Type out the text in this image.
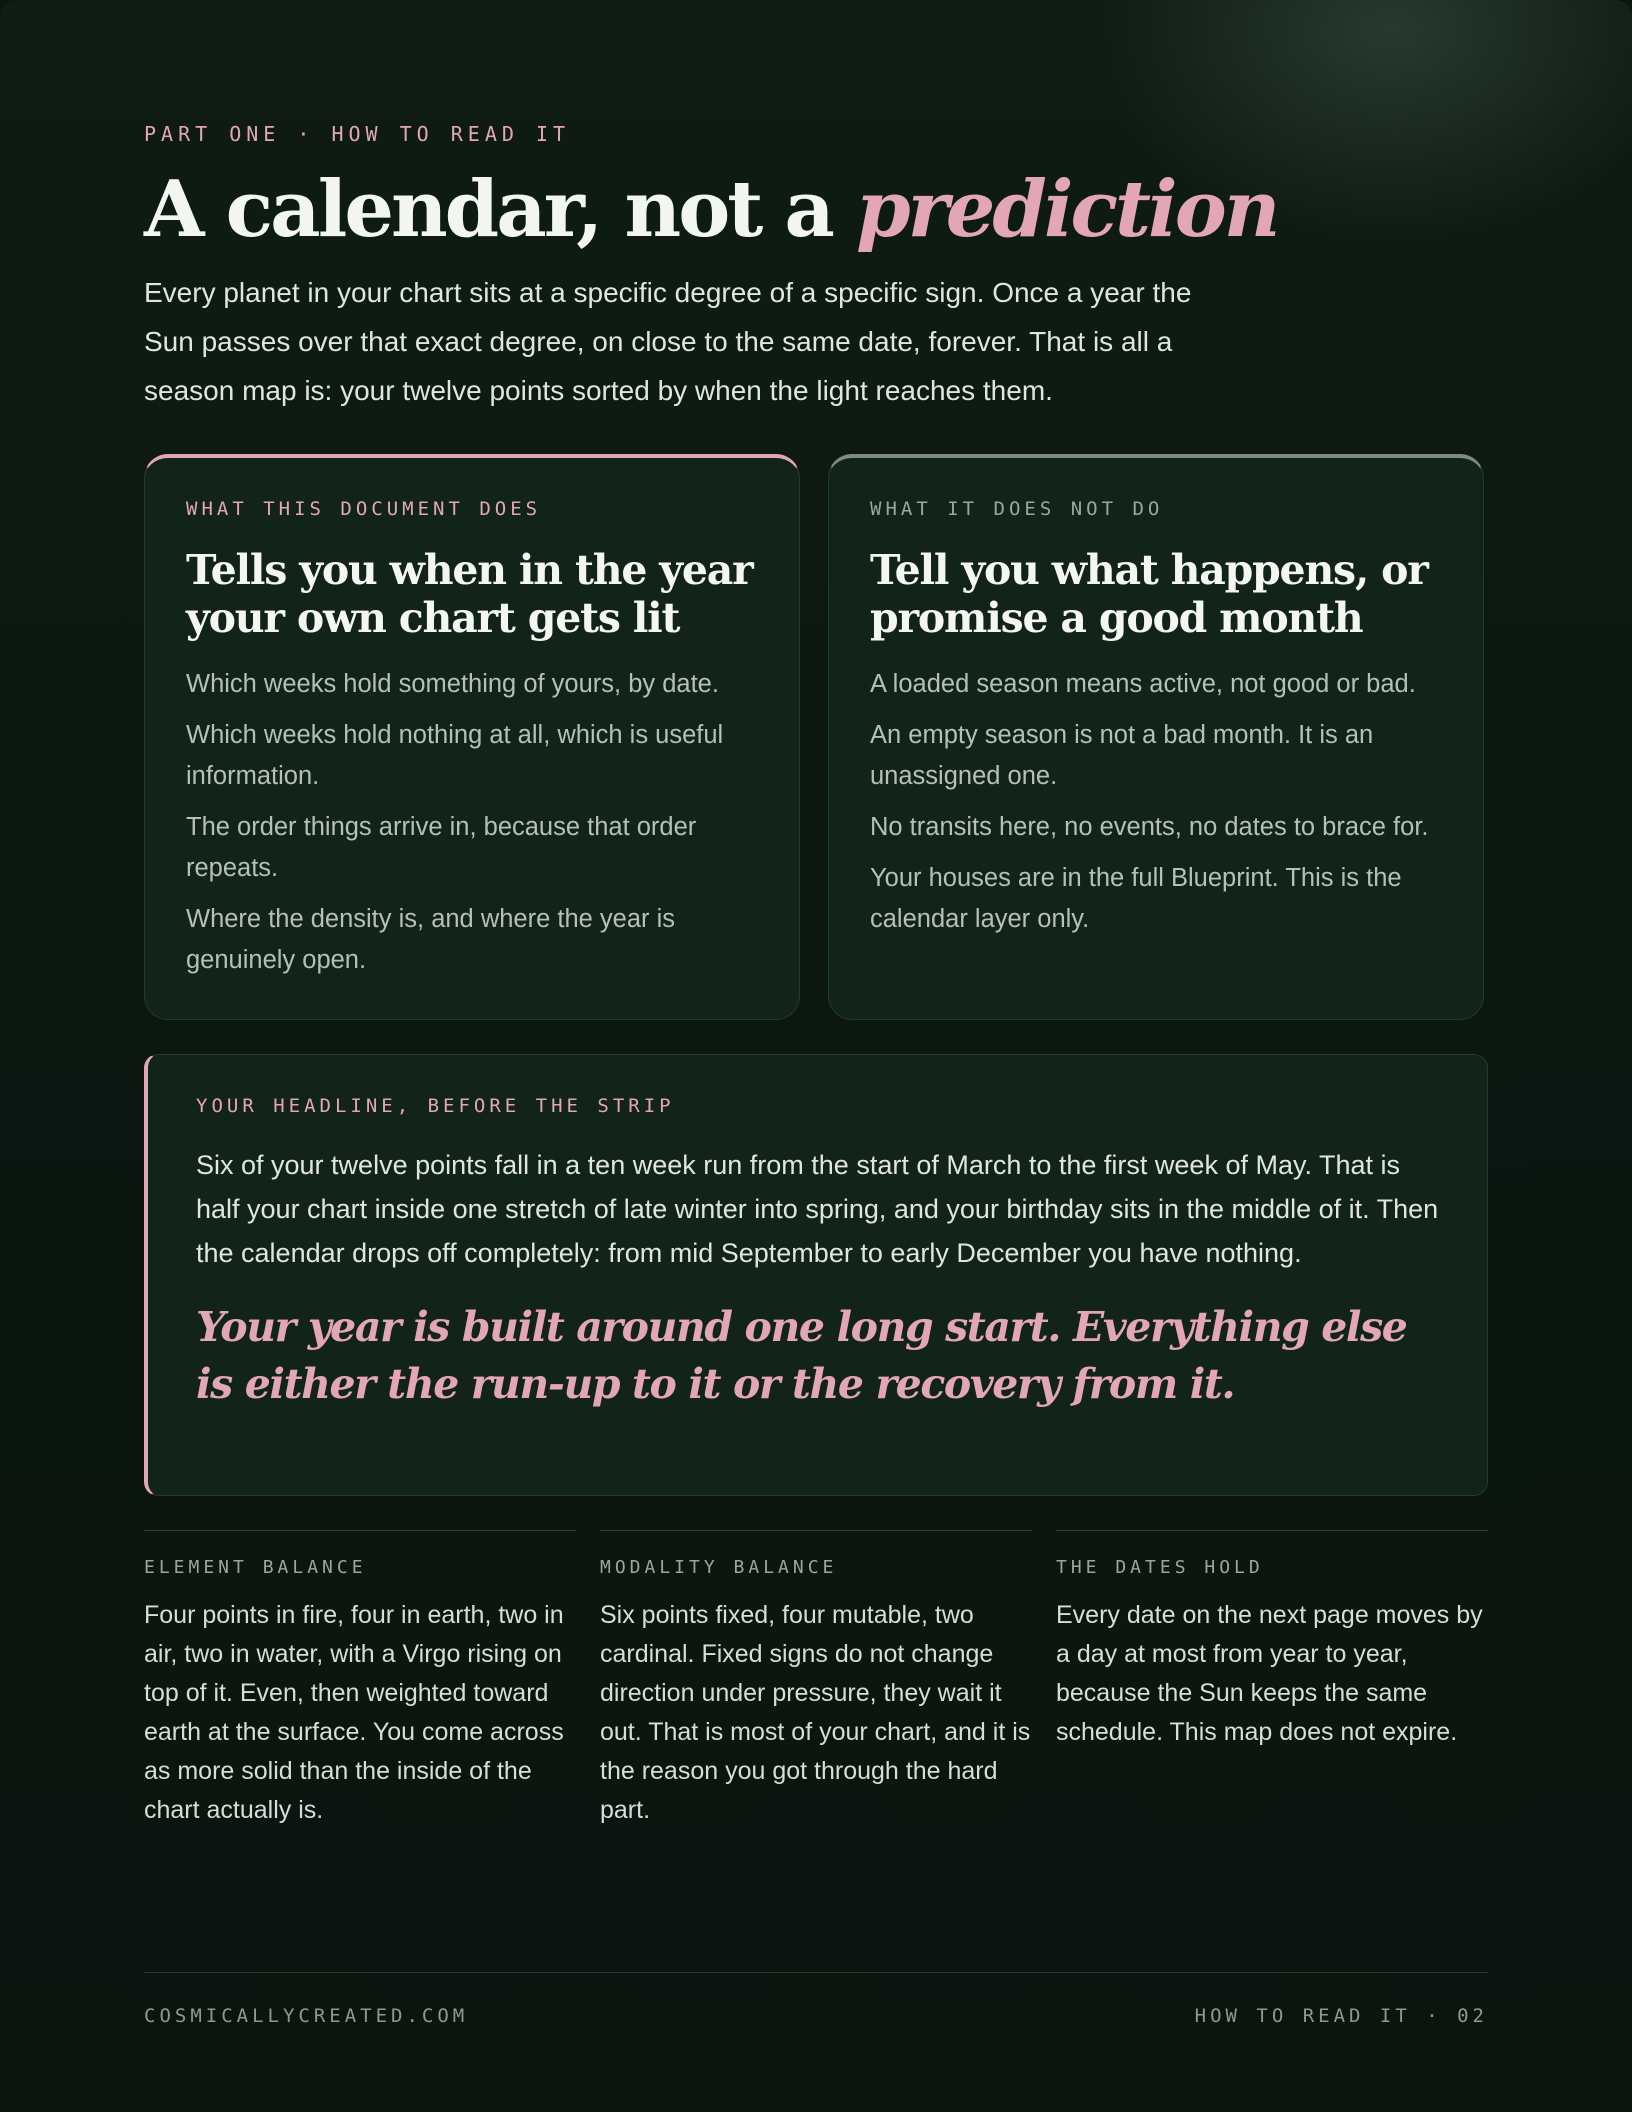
PART ONE · HOW TO READ IT
A calendar, not a prediction

Every planet in your chart sits at a specific degree of a specific sign. Once a year the Sun passes over that exact degree, on close to the same date, forever. That is all a season map is: your twelve points sorted by when the light reaches them.

WHAT THIS DOCUMENT DOES
Tells you when in the year your own chart gets lit
Which weeks hold something of yours, by date.
Which weeks hold nothing at all, which is useful information.
The order things arrive in, because that order repeats.
Where the density is, and where the year is genuinely open.
WHAT IT DOES NOT DO
Tell you what happens, or promise a good month
A loaded season means active, not good or bad.
An empty season is not a bad month. It is an unassigned one.
No transits here, no events, no dates to brace for.
Your houses are in the full Blueprint. This is the calendar layer only.
YOUR HEADLINE, BEFORE THE STRIP

Six of your twelve points fall in a ten week run from the start of March to the first week of May. That is half your chart inside one stretch of late winter into spring, and your birthday sits in the middle of it. Then the calendar drops off completely: from mid September to early December you have nothing.

Your year is built around one long start. Everything else is either the run-up to it or the recovery from it.

ELEMENT BALANCE

Four points in fire, four in earth, two in air, two in water, with a Virgo rising on top of it. Even, then weighted toward earth at the surface. You come across as more solid than the inside of the chart actually is.

MODALITY BALANCE

Six points fixed, four mutable, two cardinal. Fixed signs do not change direction under pressure, they wait it out. That is most of your chart, and it is the reason you got through the hard part.

THE DATES HOLD

Every date on the next page moves by a day at most from year to year, because the Sun keeps the same schedule. This map does not expire.

COSMICALLYCREATED.COM	HOW TO READ IT · 02
